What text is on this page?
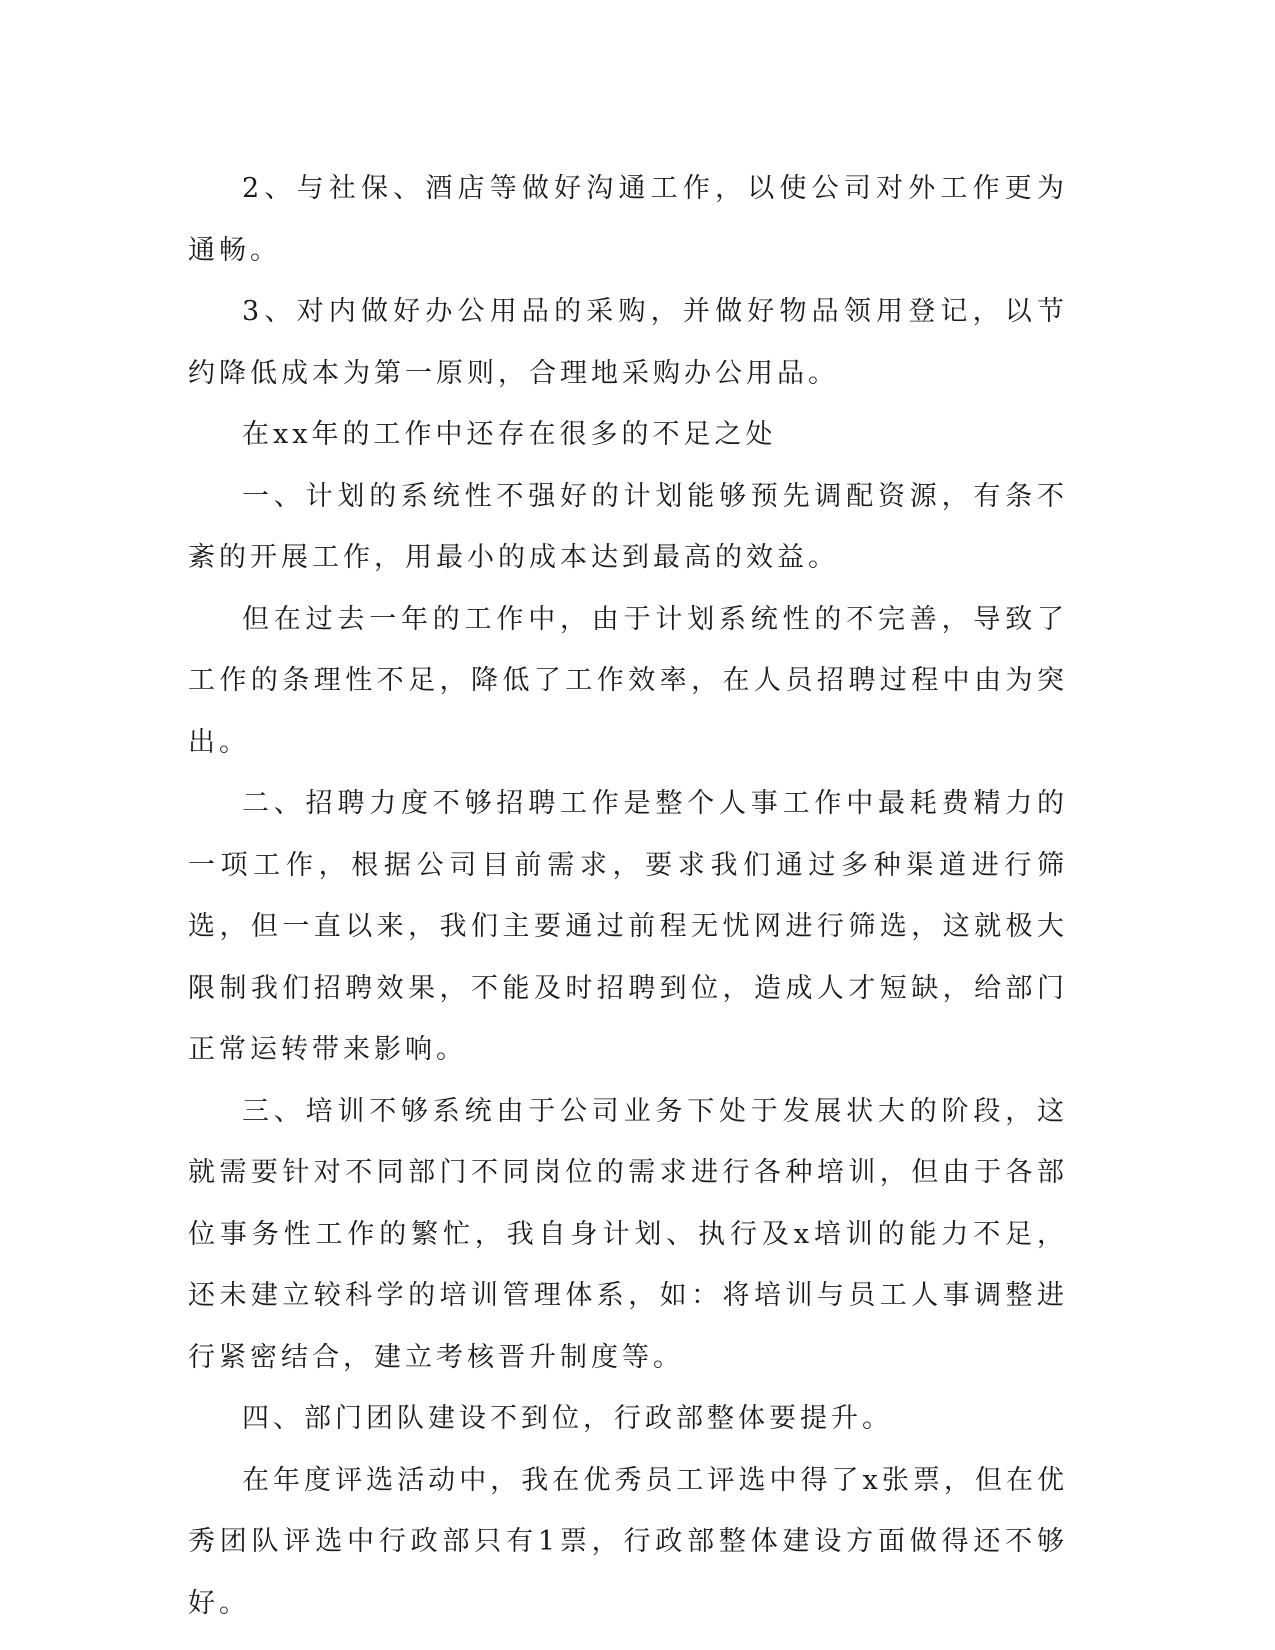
2、与社保、酒店等做好沟通工作，以使公司对外工作更为通畅。

3、对内做好办公用品的采购，并做好物品领用登记，以节约降低成本为第一原则，合理地采购办公用品。

在xx年的工作中还存在很多的不足之处

一、计划的系统性不强好的计划能够预先调配资源，有条不紊的开展工作，用最小的成本达到最高的效益。

但在过去一年的工作中，由于计划系统性的不完善，导致了工作的条理性不足，降低了工作效率，在人员招聘过程中由为突出。

二、招聘力度不够招聘工作是整个人事工作中最耗费精力的一项工作，根据公司目前需求，要求我们通过多种渠道进行筛选，但一直以来，我们主要通过前程无忧网进行筛选，这就极大限制我们招聘效果，不能及时招聘到位，造成人才短缺，给部门正常运转带来影响。

三、培训不够系统由于公司业务下处于发展状大的阶段，这就需要针对不同部门不同岗位的需求进行各种培训，但由于各部位事务性工作的繁忙，我自身计划、执行及x培训的能力不足，还未建立较科学的培训管理体系，如：将培训与员工人事调整进行紧密结合，建立考核晋升制度等。

四、部门团队建设不到位，行政部整体要提升。

在年度评选活动中，我在优秀员工评选中得了x张票，但在优秀团队评选中行政部只有1票，行政部整体建设方面做得还不够好。
